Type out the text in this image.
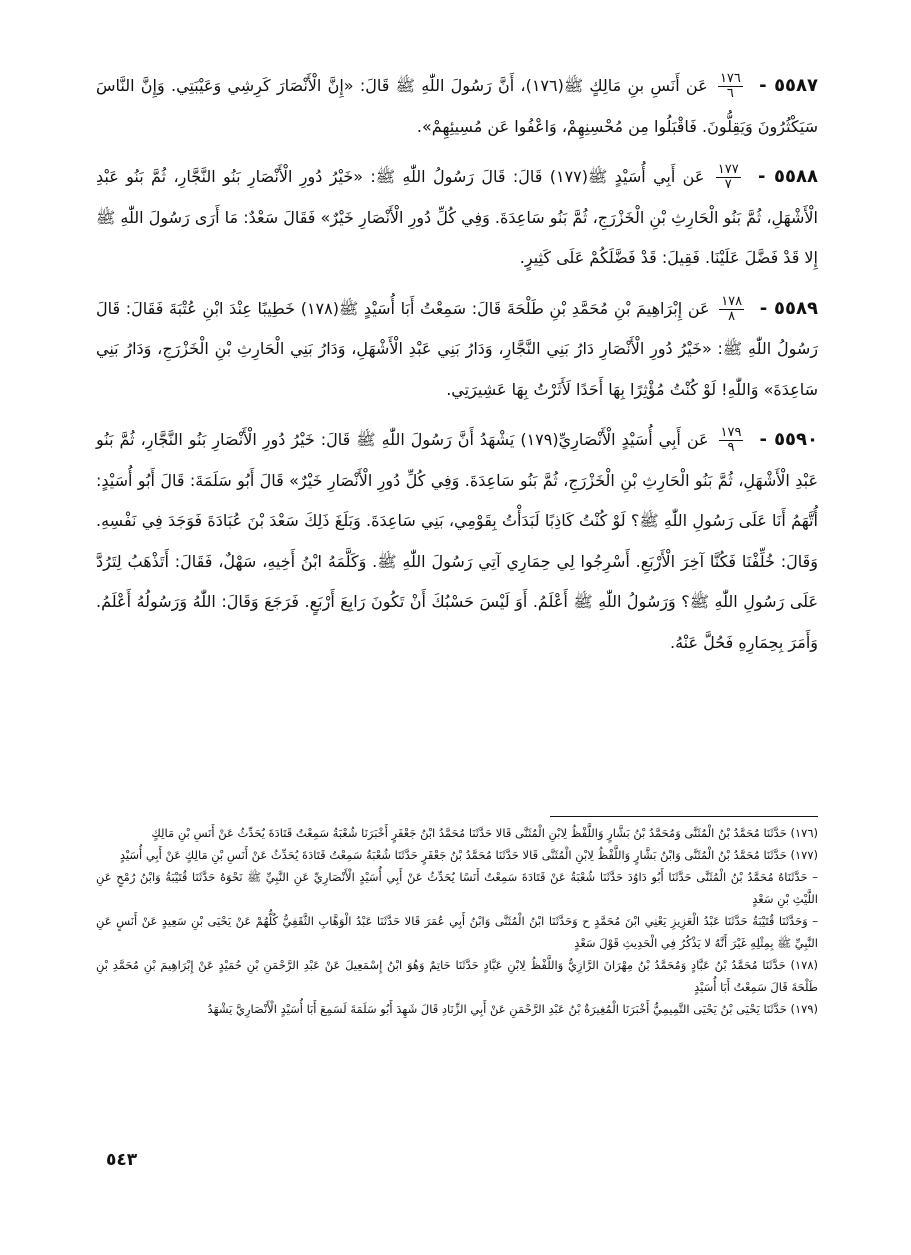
٥٥٨٧ -
$\frac{١٧٦}{٦}$
عَن أَنَسِ بنِ مَالِكٍ ﷺ(١٧٦)، أَنَّ رَسُولَ اللّٰهِ ﷺ قَالَ: «إِنَّ الْأَنْصَارَ كَرِشِي وَعَيْبَتِي. وَإِنَّ النَّاسَ سَيَكْثُرُونَ وَيَقِلُّونَ. فَاقْبَلُوا مِن مُحْسِنِهِمْ، وَاعْفُوا عَن مُسِيئِهِمْ».

٥٥٨٨ -
$\frac{١٧٧}{٧}$
عَن أَبِي أُسَيْدٍ ﷺ(١٧٧) قَالَ: قَالَ رَسُولُ اللّٰهِ ﷺ: «خَيْرُ دُورِ الْأَنْصَارِ بَنُو النَّجَّارِ، ثُمَّ بَنُو عَبْدِ الْأَشْهَلِ، ثُمَّ بَنُو الْحَارِثِ بْنِ الْخَزْرَجِ، ثُمَّ بَنُو سَاعِدَةَ. وَفِي كُلِّ دُورِ الْأَنْصَارِ خَيْرٌ» فَقَالَ سَعْدٌ: مَا أَرَى رَسُولَ اللّٰهِ ﷺ إِلا قَدْ فَضَّلَ عَلَيْنَا. فَقِيلَ: قَدْ فَضَّلَكُمْ عَلَى كَثِيرٍ.

٥٥٨٩ -
$\frac{١٧٨}{٨}$
عَن إِبْرَاهِيمَ بْنِ مُحَمَّدِ بْنِ طَلْحَةَ قَالَ: سَمِعْتُ أَبَا أُسَيْدٍ ﷺ(١٧٨) خَطِيبًا عِنْدَ ابْنِ عُتْبَةَ فَقَالَ: قَالَ رَسُولُ اللّٰهِ ﷺ: «خَيْرُ دُورِ الْأَنْصَارِ دَارُ بَنِي النَّجَّارِ، وَدَارُ بَنِي عَبْدِ الْأَشْهَلِ، وَدَارُ بَنِي الْحَارِثِ بْنِ الْخَزْرَجِ، وَدَارُ بَنِي سَاعِدَةَ» وَاللّٰهِ! لَوْ كُنْتُ مُؤْثِرًا بِهَا أَحَدًا لَأَثَرْتُ بِهَا عَشِيرَتِي.

٥٥٩٠ -
$\frac{١٧٩}{٩}$
عَن أَبِي أُسَيْدٍ الْأَنْصَارِيِّ(١٧٩) يَشْهَدُ أَنَّ رَسُولَ اللّٰهِ ﷺ قَالَ: خَيْرُ دُورِ الْأَنْصَارِ بَنُو النَّجَّارِ، ثُمَّ بَنُو عَبْدِ الْأَشْهَلِ، ثُمَّ بَنُو الْحَارِثِ بْنِ الْخَزْرَجِ، ثُمَّ بَنُو سَاعِدَةَ. وَفِي كُلِّ دُورِ الْأَنْصَارِ خَيْرٌ» قَالَ أَبُو سَلَمَةَ: قَالَ أَبُو أُسَيْدٍ: أُتَّهَمُ أَنَا عَلَى رَسُولِ اللّٰهِ ﷺ؟ لَوْ كُنْتُ كَاذِبًا لَبَدَأْتُ بِقَوْمِي، بَنِي سَاعِدَةَ. وَبَلَغَ ذَلِكَ سَعْدَ بْنَ عُبَادَةَ فَوَجَدَ فِي نَفْسِهِ. وَقَالَ: خُلِّفْنَا فَكُنَّا آخِرَ الْأَرْبَعِ. أَسْرِجُوا لِي حِمَارِي آتِي رَسُولَ اللّٰهِ ﷺ. وَكَلَّمَهُ ابْنُ أَخِيهِ، سَهْلٌ، فَقَالَ: أَتَذْهَبُ لِتَرُدَّ عَلَى رَسُولِ اللّٰهِ ﷺ؟ وَرَسُولُ اللّٰهِ ﷺ أَعْلَمُ. أَوَ لَيْسَ حَسْبُكَ أَنْ تَكُونَ رَابِعَ أَرْبَعٍ. فَرَجَعَ وَقَالَ: اللّٰهُ وَرَسُولُهُ أَعْلَمُ. وَأَمَرَ بِحِمَارِهِ فَحُلَّ عَنْهُ.

(١٧٦) حَدَّثَنَا مُحَمَّدُ بْنُ الْمُثَنَّى وَمُحَمَّدُ بْنُ بَشَّارٍ وَاللَّفْظُ لِابْنِ الْمُثَنَّى قَالا حَدَّثَنَا مُحَمَّدُ ابْنُ جَعْفَرٍ أَخْبَرَنَا شُعْبَةُ سَمِعْتُ قَتَادَةَ يُحَدِّثُ عَنْ أَنَسِ بْنِ مَالِكٍ

(١٧٧) حَدَّثَنَا مُحَمَّدُ بْنُ الْمُثَنَّى وَابْنُ بَشَّارٍ وَاللَّفْظُ لِابْنِ الْمُثَنَّى قَالا حَدَّثَنَا مُحَمَّدُ بْنُ جَعْفَرٍ حَدَّثَنَا شُعْبَةُ سَمِعْتُ قَتَادَةَ يُحَدِّثُ عَنْ أَنَسِ بْنِ مَالِكٍ عَنْ أَبِي أُسَيْدٍ

– حَدَّثَنَاهُ مُحَمَّدُ بْنُ الْمُثَنَّى حَدَّثَنَا أَبُو دَاوُدَ حَدَّثَنَا شُعْبَةُ عَنْ قَتَادَةَ سَمِعْتُ أَنَسًا يُحَدِّثُ عَنْ أَبِي أُسَيْدٍ الْأَنْصَارِيِّ عَنِ النَّبِيِّ ﷺ نَحْوَهُ حَدَّثَنَا قُتَيْبَةُ وَابْنُ رُمْحٍ عَنِ اللَّيْثِ بْنِ سَعْدٍ

– وَحَدَّثَنَا قُتَيْبَةُ حَدَّثَنَا عَبْدُ الْعَزِيزِ يَعْنِي ابْنَ مُحَمَّدٍ ح وَحَدَّثَنَا ابْنُ الْمُثَنَّى وَابْنُ أَبِي عُمَرَ قَالا حَدَّثَنَا عَبْدُ الْوَهَّابِ الثَّقَفِيُّ كُلُّهُمْ عَنْ يَحْيَى بْنِ سَعِيدٍ عَنْ أَنَسٍ عَنِ النَّبِيِّ ﷺ بِمِثْلِهِ غَيْرَ أَنَّهُ لا يَذْكُرُ فِي الْحَدِيثِ قَوْلَ سَعْدٍ

(١٧٨) حَدَّثَنَا مُحَمَّدُ بْنُ عَبَّادٍ وَمُحَمَّدُ بْنُ مِهْرَانَ الرَّازِيُّ وَاللَّفْظُ لِابْنِ عَبَّادٍ حَدَّثَنَا حَاتِمٌ وَهُوَ ابْنُ إِسْمَعِيلَ عَنْ عَبْدِ الرَّحْمَنِ بْنِ حُمَيْدٍ عَنْ إِبْرَاهِيمَ بْنِ مُحَمَّدِ بْنِ طَلْحَةَ قَالَ سَمِعْتُ أَبَا أُسَيْدٍ

(١٧٩) حَدَّثَنَا يَحْيَى بْنُ يَحْيَى التَّمِيمِيُّ أَخْبَرَنَا الْمُغِيرَةُ بْنُ عَبْدِ الرَّحْمَنِ عَنْ أَبِي الزِّنَادِ قَالَ شَهِدَ أَبُو سَلَمَةَ لَسَمِعَ أَبَا أُسَيْدٍ الْأَنْصَارِيَّ يَشْهَدُ

٥٤٣
